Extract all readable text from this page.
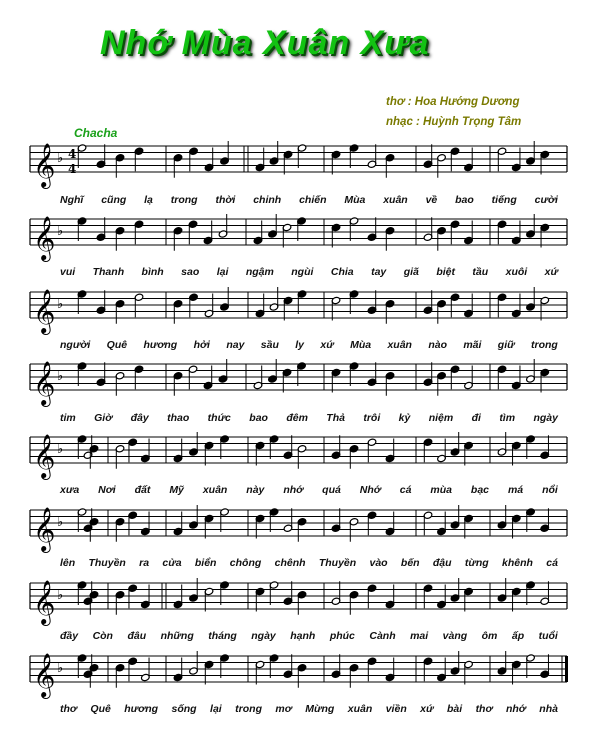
Nhớ Mùa Xuân Xưa
thơ : Hoa Hướng Dương
nhạc : Huỳnh Trọng Tâm
Chacha
𝄞 ♭ 4
4
𝄞 ♭
𝄞 ♭
𝄞 ♭
𝄞 ♭
𝄞 ♭
𝄞 ♭
𝄞 ♭
Nghĩ cũng lạ trong thời chinh chiến Mùa xuân về bao tiếng cười
vui Thanh bình sao lại ngậm ngùi Chia tay giã biệt tầu xuôi xứ
người Quê hương hởi nay sầu ly xứ Mùa xuân nào mãi giữ trong
tim Giờ đây thao thức bao đêm Thả trôi kỷ niệm đi tìm ngày
xưa Nơi đất Mỹ xuân này nhớ quá Nhớ cá mùa bạc má nổi
lên Thuyền ra cửa biển chông chênh Thuyền vào bến đậu từng khênh cá
đầy Còn đâu những tháng ngày hạnh phúc Cành mai vàng ôm ấp tuổi
thơ Quê hương sống lại trong mơ Mừng xuân viền xứ bài thơ nhớ nhà
